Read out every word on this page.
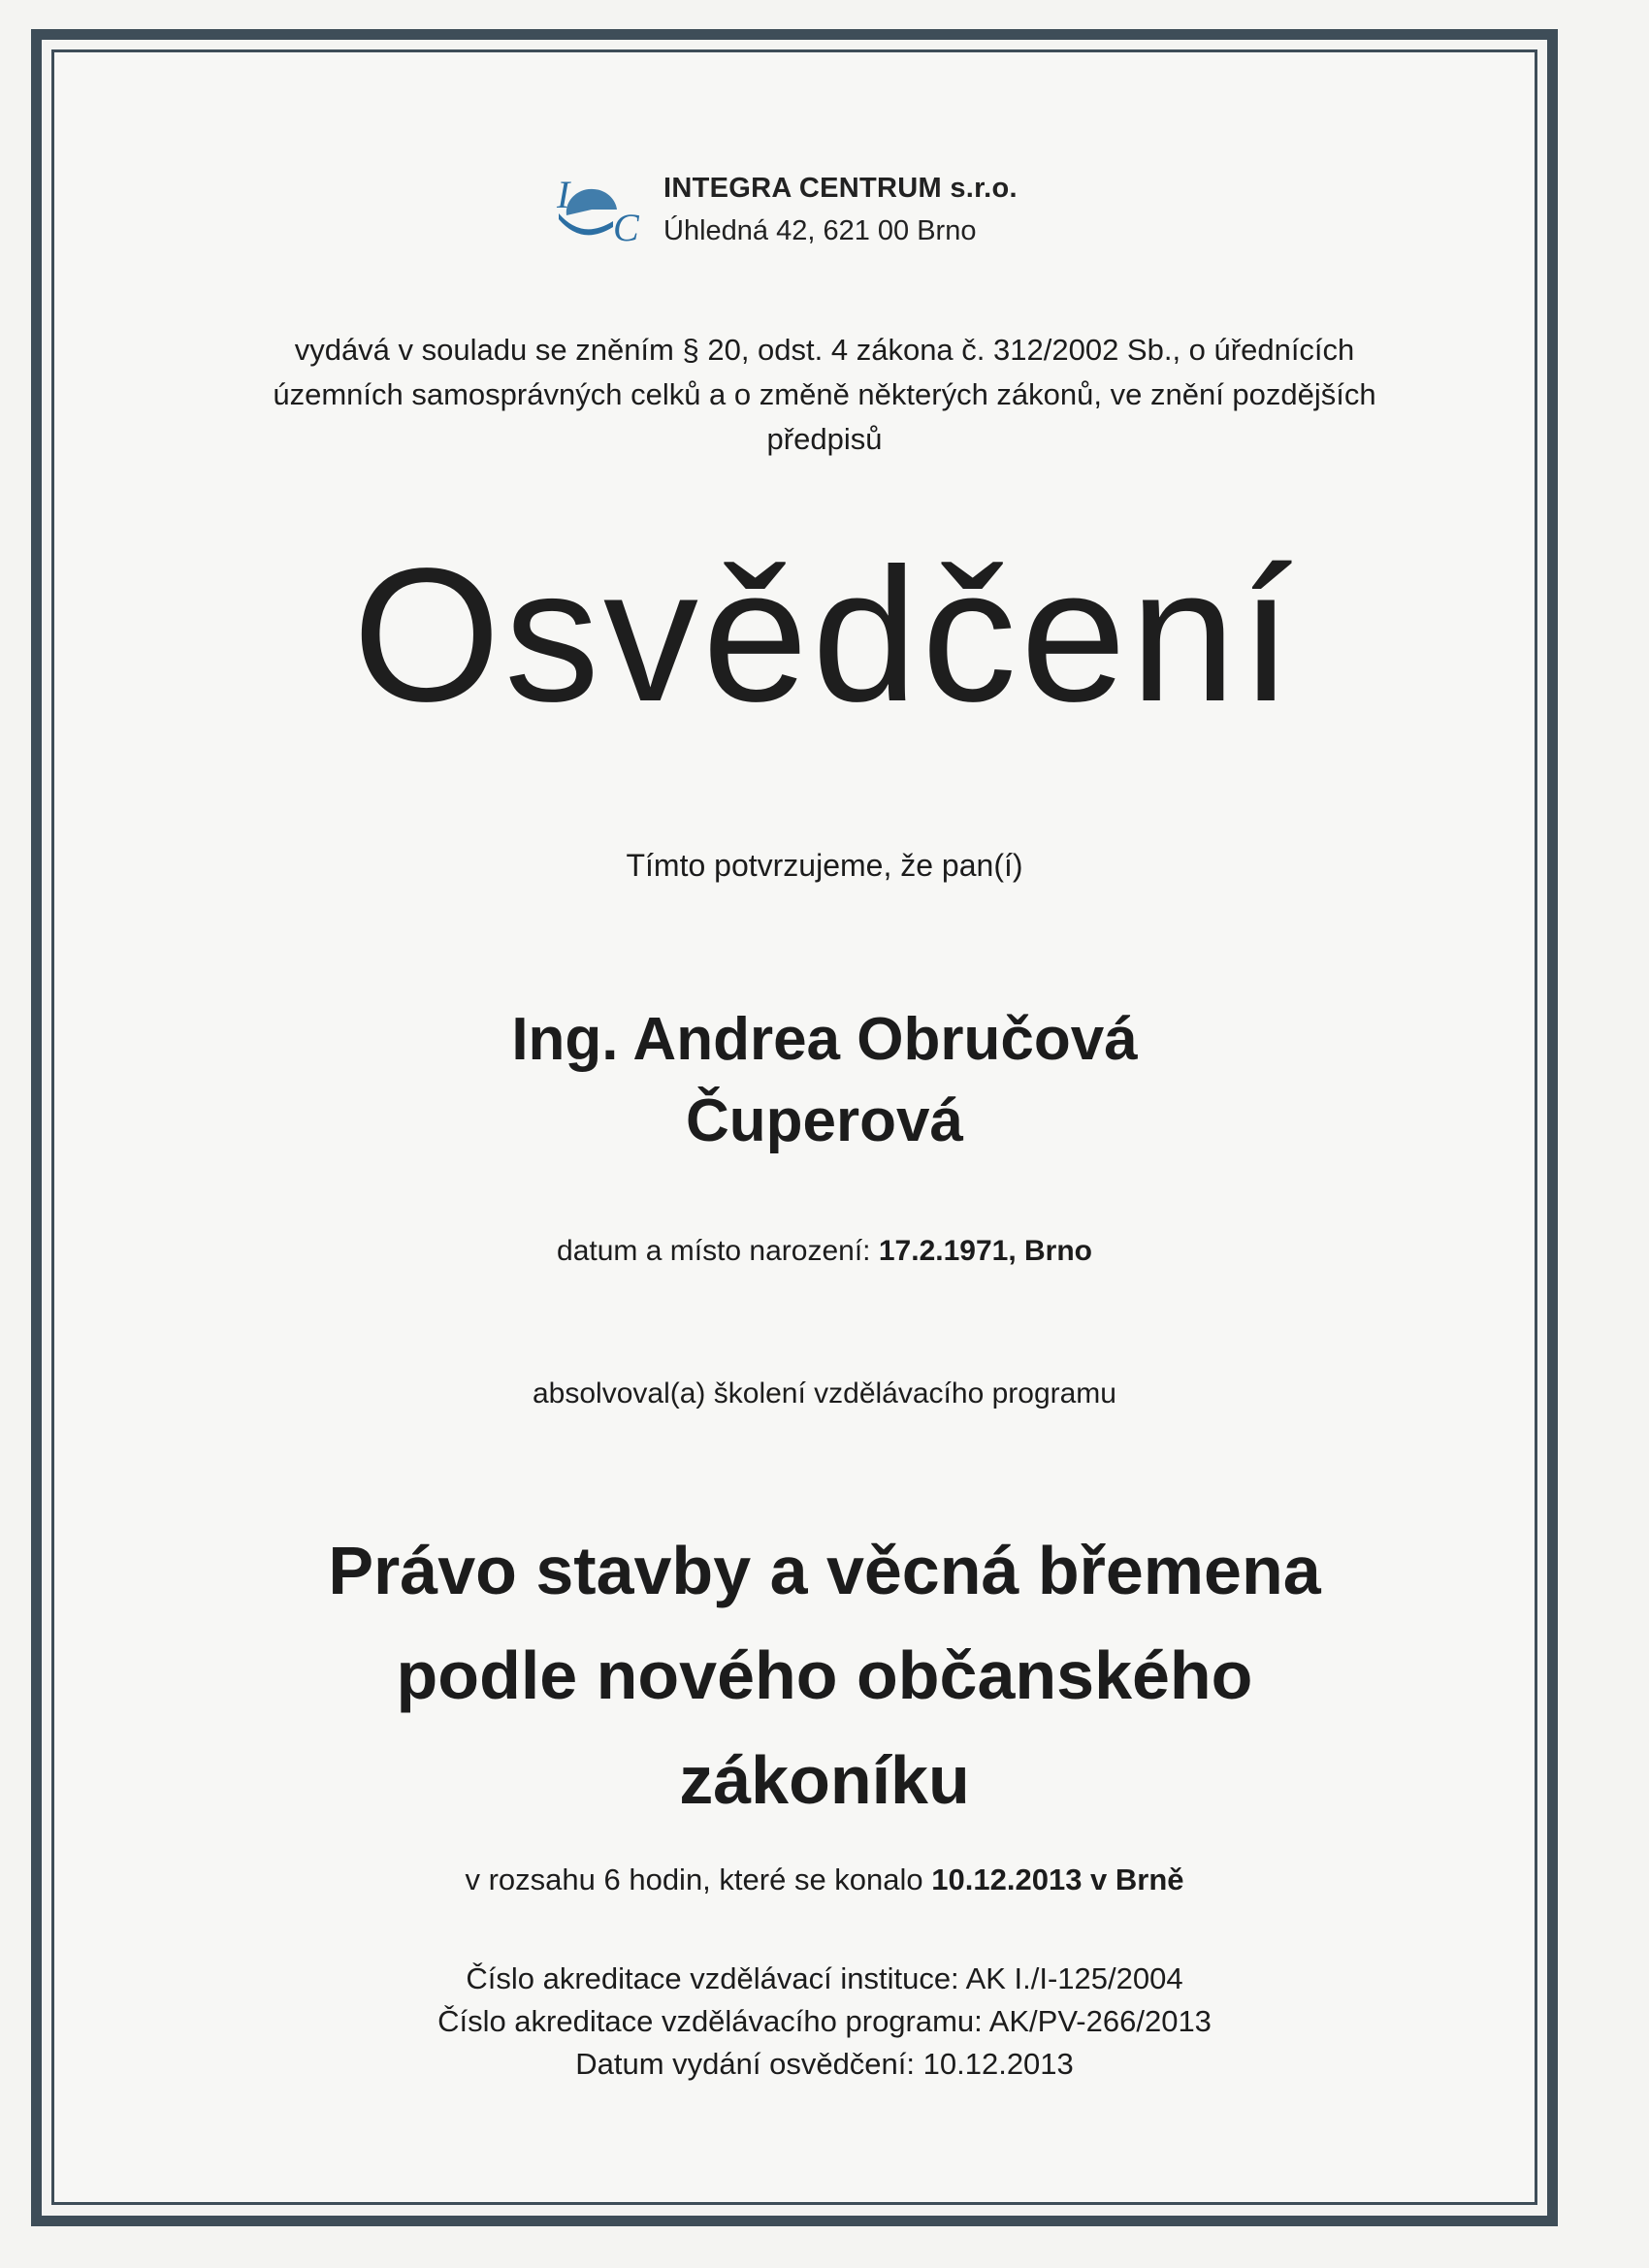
I
C
INTEGRA CENTRUM s.r.o.
Úhledná 42, 621 00 Brno
vydává v souladu se zněním § 20, odst. 4 zákona č. 312/2002 Sb., o úřednících
územních samosprávných celků a o změně některých zákonů, ve znění pozdějších
předpisů
Osvědčení
Tímto potvrzujeme, že pan(í)
Ing. Andrea Obručová
Čuperová
datum a místo narození: 17.2.1971, Brno
absolvoval(a) školení vzdělávacího programu
Právo stavby a věcná břemena
podle nového občanského
zákoníku
v rozsahu 6 hodin, které se konalo 10.12.2013 v Brně
Číslo akreditace vzdělávací instituce: AK I./I-125/2004
Číslo akreditace vzdělávacího programu: AK/PV-266/2013
Datum vydání osvědčení: 10.12.2013
